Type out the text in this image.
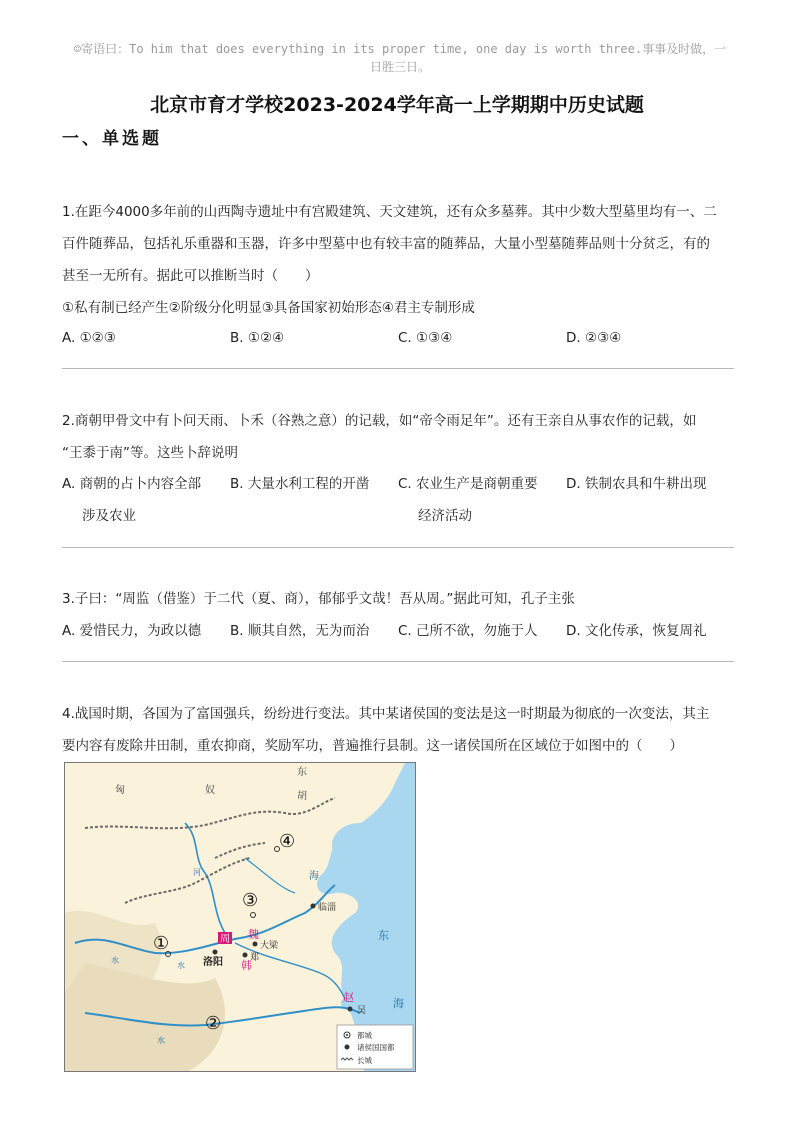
☺寄语曰：To him that does everything in its proper time, one day is worth three.事事及时做，一
日胜三日。
北京市育才学校2023-2024学年高一上学期期中历史试题
一、单选题
1.在距今4000多年前的山西陶寺遗址中有宫殿建筑、天文建筑，还有众多墓葬。其中少数大型墓里均有一、二
百件随葬品，包括礼乐重器和玉器，许多中型墓中也有较丰富的随葬品，大量小型墓随葬品则十分贫乏，有的
甚至一无所有。据此可以推断当时（　　）
①私有制已经产生②阶级分化明显③具备国家初始形态④君主专制形成
A. ①②③	B. ①②④	C. ①③④	D. ②③④
2.商朝甲骨文中有卜问天雨、卜禾（谷熟之意）的记载，如“帝令雨足年”。还有王亲自从事农作的记载，如
“王黍于南”等。这些卜辞说明
A. 商朝的占卜内容全部
涉及农业
B. 大量水利工程的开凿	C. 农业生产是商朝重要
经济活动
D. 铁制农具和牛耕出现
3.子曰：“周监（借鉴）于二代（夏、商），郁郁乎文哉！吾从周。”据此可知，孔子主张
A. 爱惜民力，为政以德	B. 顺其自然，无为而治	C. 己所不欲，勿施于人	D. 文化传承，恢复周礼
4.战国时期，各国为了富国强兵，纷纷进行变法。其中某诸侯国的变法是这一时期最为彻底的一次变法，其主
要内容有废除井田制，重农抑商，奖励军功，普遍推行县制。这一诸侯国所在区域位于如图中的（　　）
匈	奴
东
胡
①
②
③
④
临淄
洛阳
大梁
郑
吴
周 魏
韩
赵
海
东
海
水
水
水
河
都城
诸侯国国都
长城
